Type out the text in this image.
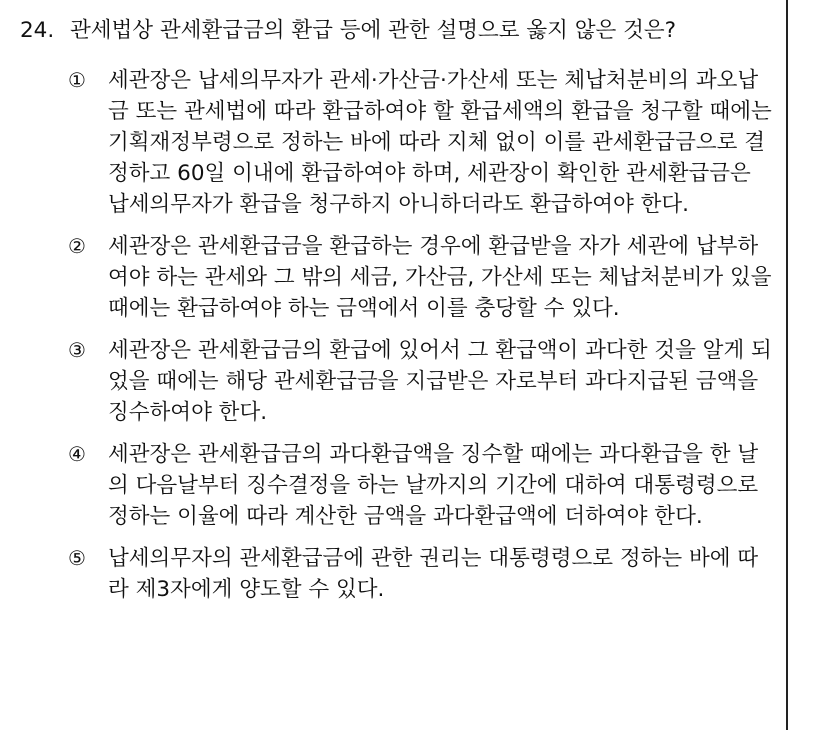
24. 관세법상 관세환급금의 환급 등에 관한 설명으로 옳지 않은 것은?
①	세관장은 납세의무자가 관세·가산금·가산세 또는 체납처분비의 과오납금 또는 관세법에 따라 환급하여야 할 환급세액의 환급을 청구할 때에는 기획재정부령으로 정하는 바에 따라 지체 없이 이를 관세환급금으로 결정하고 60일 이내에 환급하여야 하며, 세관장이 확인한 관세환급금은 납세의무자가 환급을 청구하지 아니하더라도 환급하여야 한다.
②	세관장은 관세환급금을 환급하는 경우에 환급받을 자가 세관에 납부하여야 하는 관세와 그 밖의 세금, 가산금, 가산세 또는 체납처분비가 있을 때에는 환급하여야 하는 금액에서 이를 충당할 수 있다.
③	세관장은 관세환급금의 환급에 있어서 그 환급액이 과다한 것을 알게 되었을 때에는 해당 관세환급금을 지급받은 자로부터 과다지급된 금액을 징수하여야 한다.
④	세관장은 관세환급금의 과다환급액을 징수할 때에는 과다환급을 한 날의 다음날부터 징수결정을 하는 날까지의 기간에 대하여 대통령령으로 정하는 이율에 따라 계산한 금액을 과다환급액에 더하여야 한다.
⑤	납세의무자의 관세환급금에 관한 권리는 대통령령으로 정하는 바에 따라 제3자에게 양도할 수 있다.
